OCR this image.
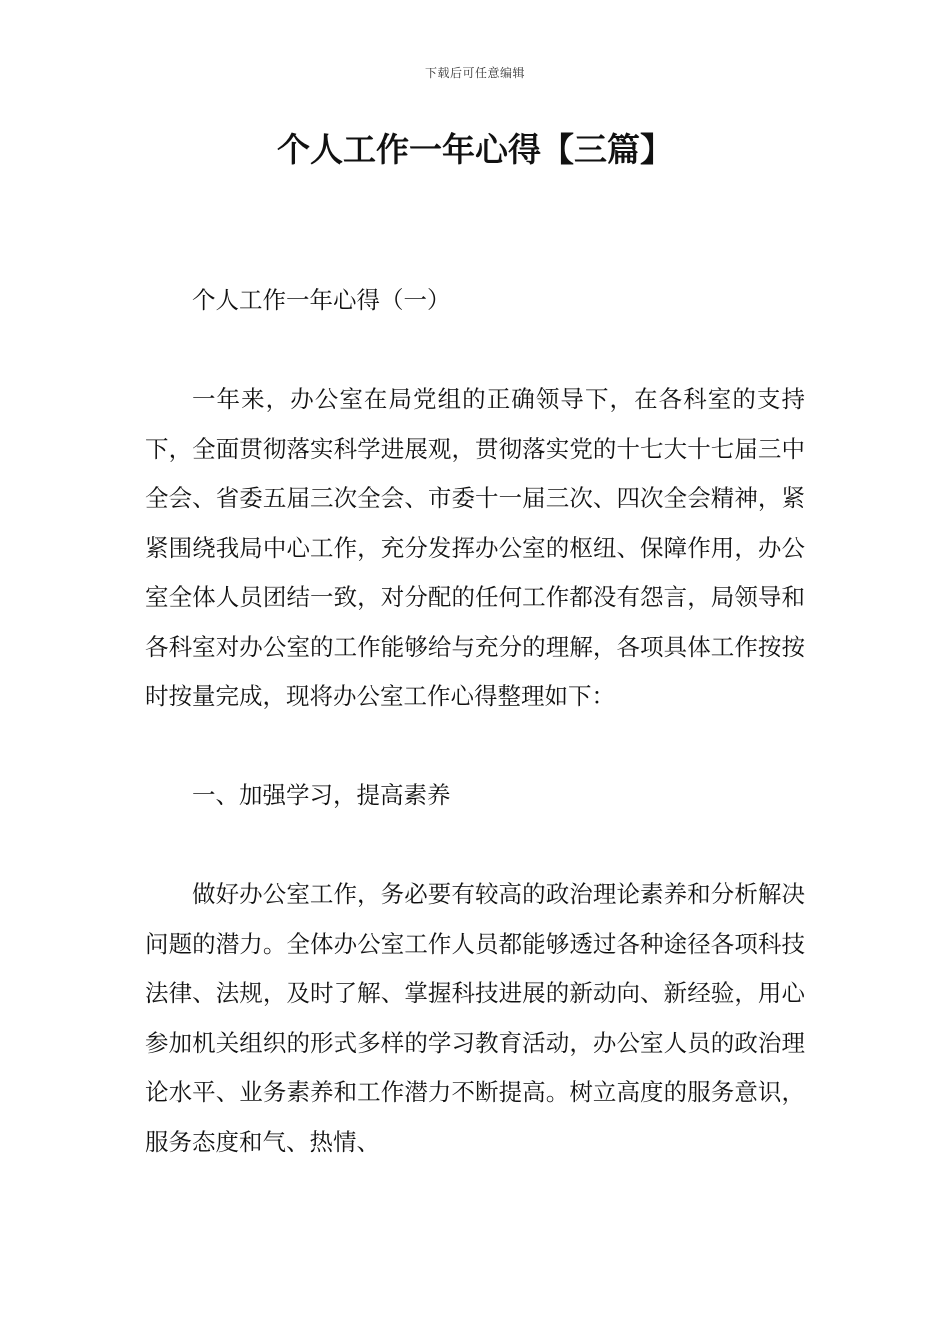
下载后可任意编辑
个人工作一年心得【三篇】

个人工作一年心得（一）

一年来，办公室在局党组的正确领导下，在各科室的支持下，全面贯彻落实科学进展观，贯彻落实党的十七大十七届三中全会、省委五届三次全会、市委十一届三次、四次全会精神，紧紧围绕我局中心工作，充分发挥办公室的枢纽、保障作用，办公室全体人员团结一致，对分配的任何工作都没有怨言，局领导和各科室对办公室的工作能够给与充分的理解，各项具体工作按按时按量完成，现将办公室工作心得整理如下：

一、加强学习，提高素养

做好办公室工作，务必要有较高的政治理论素养和分析解决问题的潜力。全体办公室工作人员都能够透过各种途径各项科技法律、法规，及时了解、掌握科技进展的新动向、新经验，用心参加机关组织的形式多样的学习教育活动，办公室人员的政治理论水平、业务素养和工作潜力不断提高。树立高度的服务意识，服务态度和气、热情、
